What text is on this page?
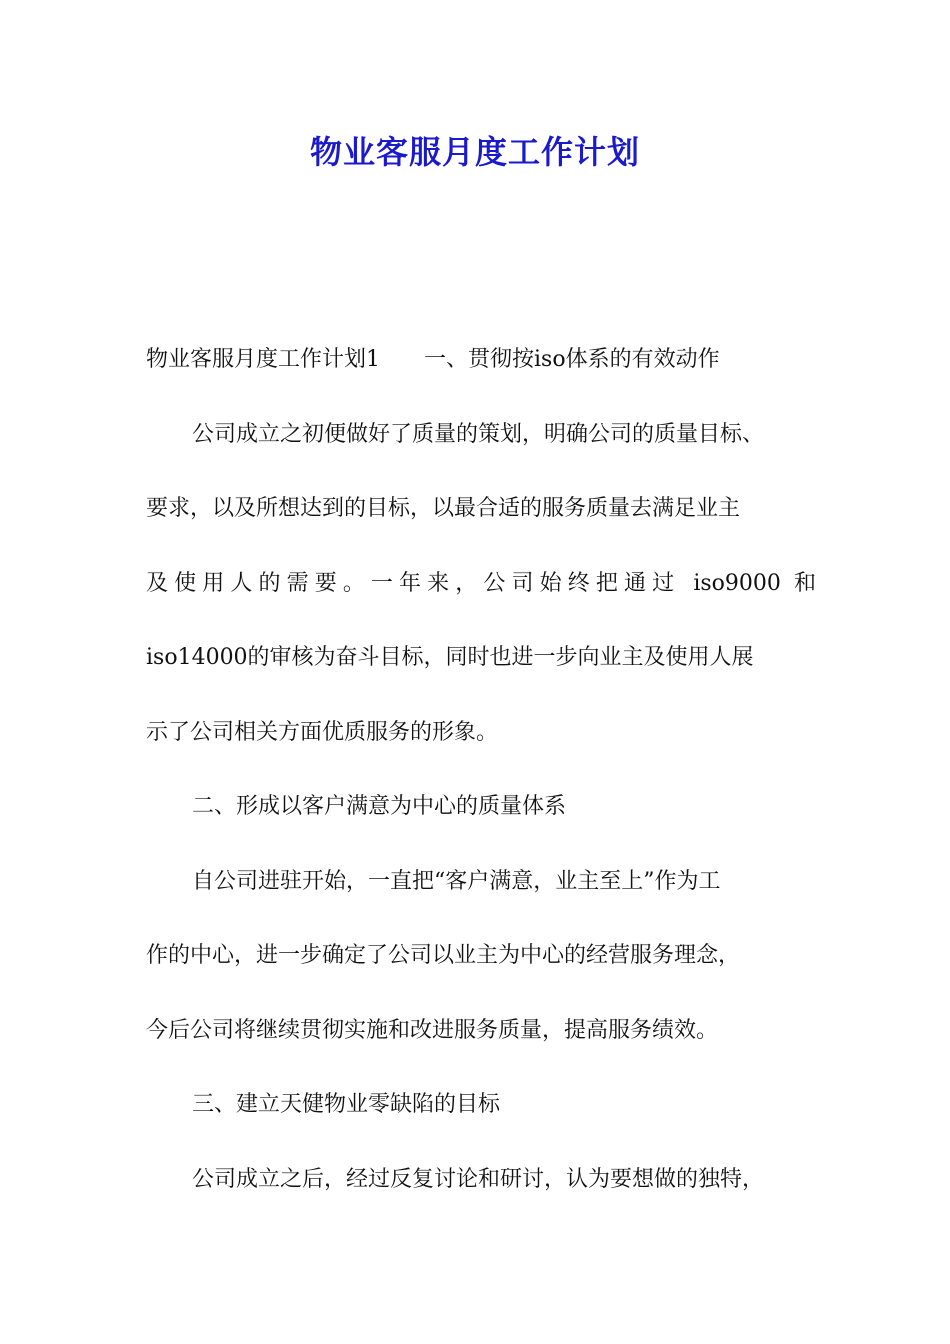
物业客服月度工作计划
物业客服月度工作计划1　　一、贯彻按iso体系的有效动作
公司成立之初便做好了质量的策划，明确公司的质量目标、
要求，以及所想达到的目标，以最合适的服务质量去满足业主
及使用人的需要。一年来，公司始终把通过 iso9000 和
iso14000的审核为奋斗目标，同时也进一步向业主及使用人展
示了公司相关方面优质服务的形象。
二、形成以客户满意为中心的质量体系
自公司进驻开始，一直把“客户满意，业主至上”作为工
作的中心，进一步确定了公司以业主为中心的经营服务理念，
今后公司将继续贯彻实施和改进服务质量，提高服务绩效。
三、建立天健物业零缺陷的目标
公司成立之后，经过反复讨论和研讨，认为要想做的独特，
